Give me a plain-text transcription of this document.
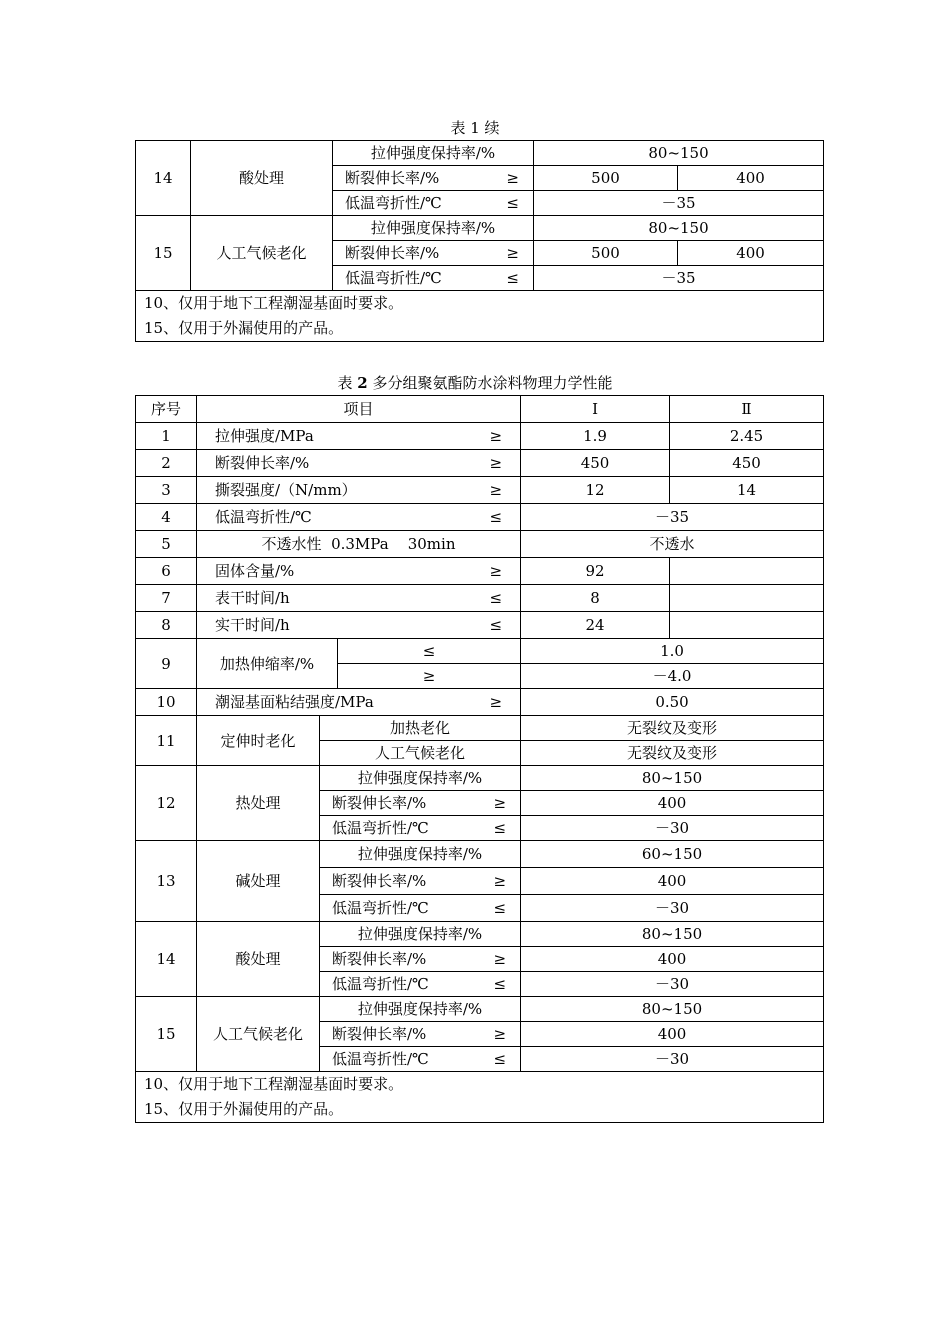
表 1 续
14	酸处理	拉伸强度保持率/%	80~150	

		断裂伸长率/% ≥	500	400

		低温弯折性/℃ ≤	－35	
15	人工气候老化	拉伸强度保持率/%	80~150	

		断裂伸长率/% ≥	500	400

		低温弯折性/℃ ≤	－35	

10、仅用于地下工程潮湿基面时要求。
15、仅用于外漏使用的产品。				
表 2 多分组聚氨酯防水涂料物理力学性能
序号	项目			Ⅰ	Ⅱ
1	拉伸强度/MPa ≥			1.9	2.45
2	断裂伸长率/% ≥			450	450
3	撕裂强度/（N/mm） ≥			12	14
4	低温弯折性/℃ ≤			－35	
5	不透水性  0.3MPa    30min			不透水	
6	固体含量/% ≥			92	
7	表干时间/h ≤			8	
8	实干时间/h ≤			24	
9	加热伸缩率/%		≤	1.0	
			≥	－4.0	
10	潮湿基面粘结强度/MPa ≥			0.50	
11	定伸时老化	加热老化		无裂纹及变形	
		人工气候老化		无裂纹及变形	
12	热处理	拉伸强度保持率/%		80~150	

		断裂伸长率/% ≥		400	

		低温弯折性/℃ ≤		－30	
13	碱处理	拉伸强度保持率/%		60~150	

		断裂伸长率/% ≥		400	

		低温弯折性/℃ ≤		－30	
14	酸处理	拉伸强度保持率/%		80~150	

		断裂伸长率/% ≥		400	

		低温弯折性/℃ ≤		－30	
15	人工气候老化	拉伸强度保持率/%		80~150	

		断裂伸长率/% ≥		400	

		低温弯折性/℃ ≤		－30	

10、仅用于地下工程潮湿基面时要求。
15、仅用于外漏使用的产品。					
